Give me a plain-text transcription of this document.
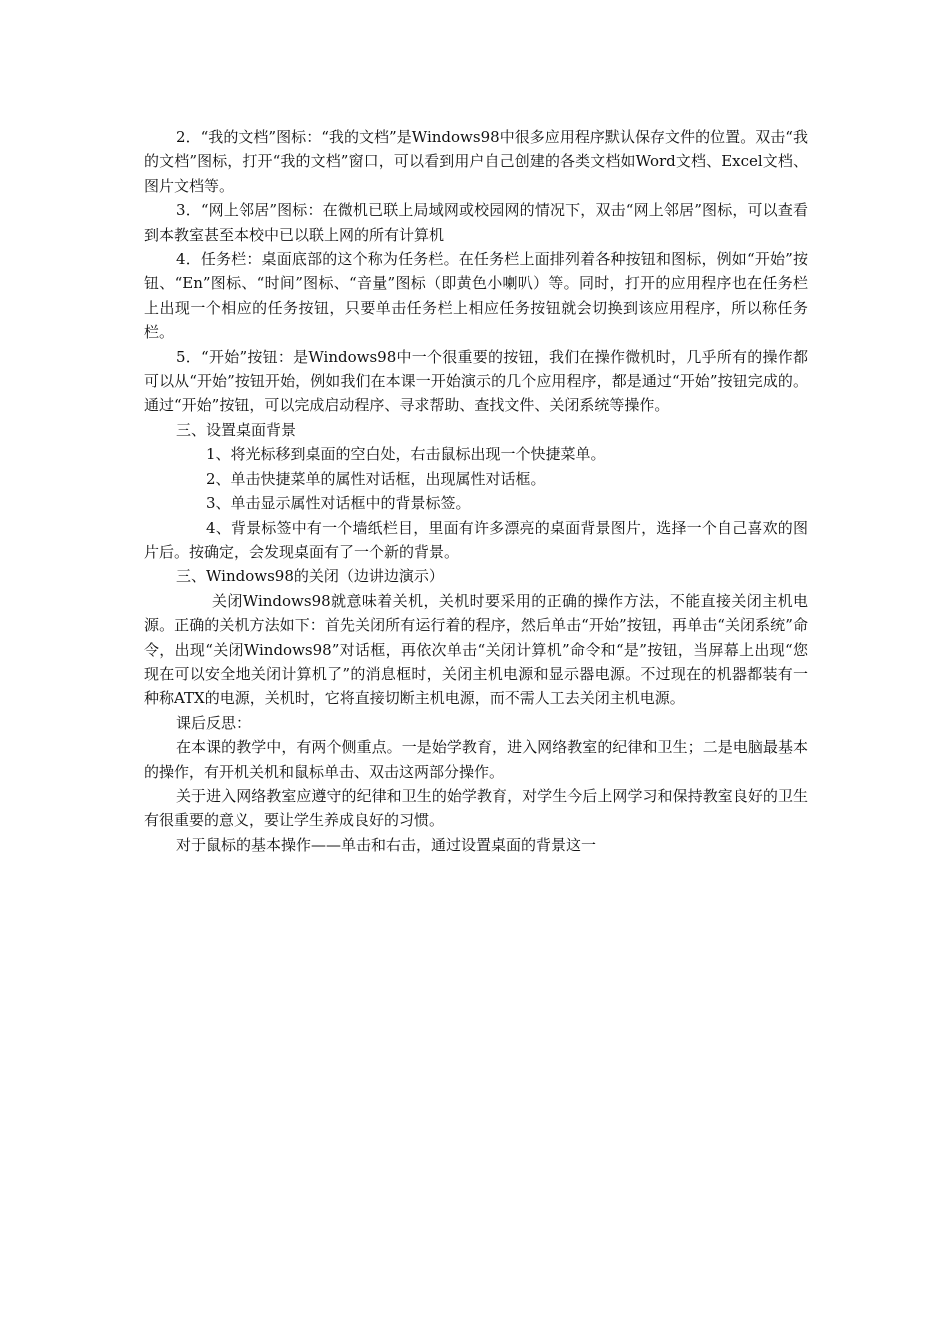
2．“我的文档”图标：“我的文档”是Windows98中很多应用程序默认保存文件的位置。双击“我的文档”图标，打开“我的文档”窗口，可以看到用户自己创建的各类文档如Word文档、Excel文档、图片文档等。

3．“网上邻居”图标：在微机已联上局域网或校园网的情况下，双击“网上邻居”图标，可以查看到本教室甚至本校中已以联上网的所有计算机

4．任务栏：桌面底部的这个称为任务栏。在任务栏上面排列着各种按钮和图标，例如“开始”按钮、“En”图标、“时间”图标、“音量”图标（即黄色小喇叭）等。同时，打开的应用程序也在任务栏上出现一个相应的任务按钮，只要单击任务栏上相应任务按钮就会切换到该应用程序，所以称任务栏。

5．“开始”按钮：是Windows98中一个很重要的按钮，我们在操作微机时，几乎所有的操作都可以从“开始”按钮开始，例如我们在本课一开始演示的几个应用程序，都是通过“开始”按钮完成的。通过“开始”按钮，可以完成启动程序、寻求帮助、查找文件、关闭系统等操作。

三、设置桌面背景

1、将光标移到桌面的空白处，右击鼠标出现一个快捷菜单。

2、单击快捷菜单的属性对话框，出现属性对话框。

3、单击显示属性对话框中的背景标签。

4、背景标签中有一个墙纸栏目，里面有许多漂亮的桌面背景图片，选择一个自己喜欢的图片后。按确定，会发现桌面有了一个新的背景。

三、Windows98的关闭（边讲边演示）

关闭Windows98就意味着关机，关机时要采用的正确的操作方法，不能直接关闭主机电源。正确的关机方法如下：首先关闭所有运行着的程序，然后单击“开始”按钮，再单击“关闭系统”命令，出现“关闭Windows98”对话框，再依次单击“关闭计算机”命令和“是”按钮，当屏幕上出现“您现在可以安全地关闭计算机了”的消息框时，关闭主机电源和显示器电源。不过现在的机器都装有一种称ATX的电源，关机时，它将直接切断主机电源，而不需人工去关闭主机电源。

课后反思：

在本课的教学中，有两个侧重点。一是始学教育，进入网络教室的纪律和卫生；二是电脑最基本的操作，有开机关机和鼠标单击、双击这两部分操作。

关于进入网络教室应遵守的纪律和卫生的始学教育，对学生今后上网学习和保持教室良好的卫生有很重要的意义，要让学生养成良好的习惯。

对于鼠标的基本操作——单击和右击，通过设置桌面的背景这一
